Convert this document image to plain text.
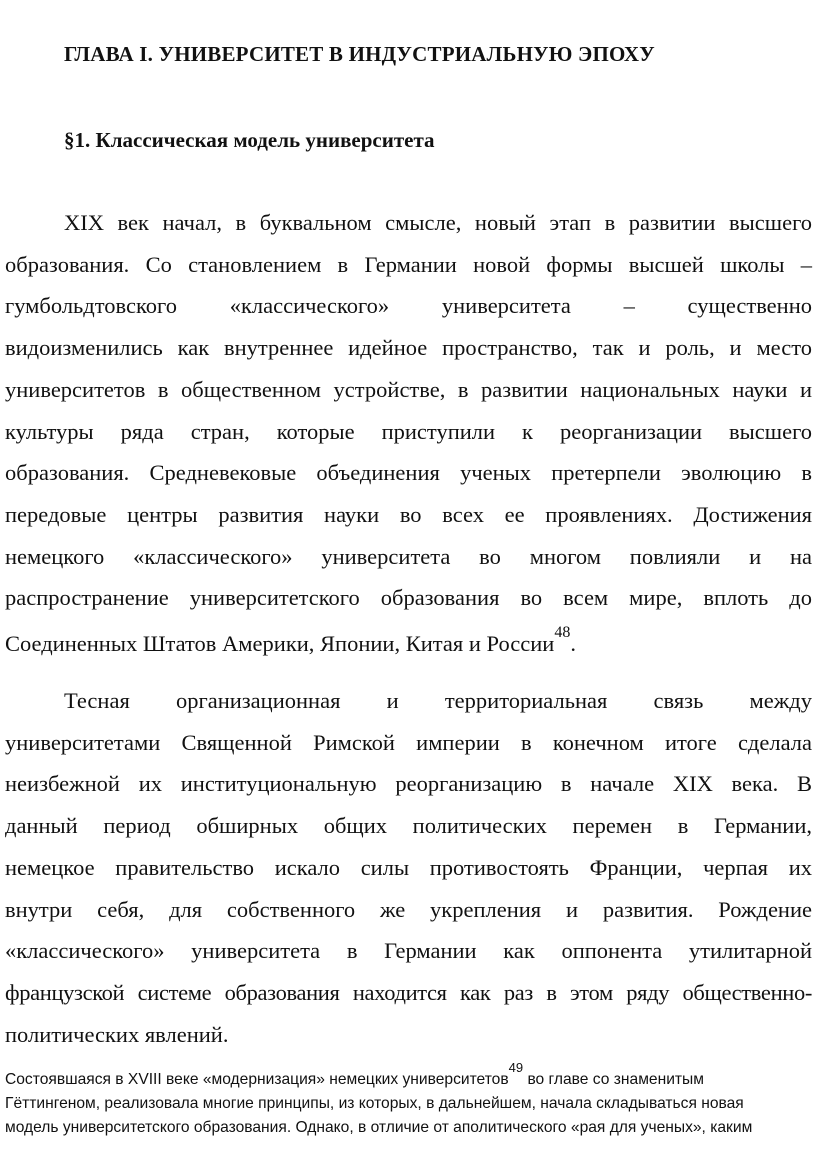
ГЛАВА I. УНИВЕРСИТЕТ В ИНДУСТРИАЛЬНУЮ ЭПОХУ
§1. Классическая модель университета
XIX век начал, в буквальном смысле, новый этап в развитии высшего
образования. Со становлением в Германии новой формы высшей школы –
гумбольдтовского «классического» университета – существенно
видоизменились как внутреннее идейное пространство, так и роль, и место
университетов в общественном устройстве, в развитии национальных науки и
культуры ряда стран, которые приступили к реорганизации высшего
образования. Средневековые объединения ученых претерпели эволюцию в
передовые центры развития науки во всех ее проявлениях. Достижения
немецкого «классического» университета во многом повлияли и на
распространение университетского образования во всем мире, вплоть до
Соединенных Штатов Америки, Японии, Китая и России$^{48}$.
Тесная организационная и территориальная связь между
университетами Священной Римской империи в конечном итоге сделала
неизбежной их институциональную реорганизацию в начале XIX века. В
данный период обширных общих политических перемен в Германии,
немецкое правительство искало силы противостоять Франции, черпая их
внутри себя, для собственного же укрепления и развития. Рождение
«классического» университета в Германии как оппонента утилитарной
французской системе образования находится как раз в этом ряду общественно-
политических явлений.

Состоявшаяся в XVIII веке «модернизация» немецких университетов$^{49}$ во главе со знаменитым Гёттингеном, реализовала многие принципы, из которых, в дальнейшем, начала складываться новая модель университетского образования. Однако, в отличие от аполитического «рая для ученых», каким
